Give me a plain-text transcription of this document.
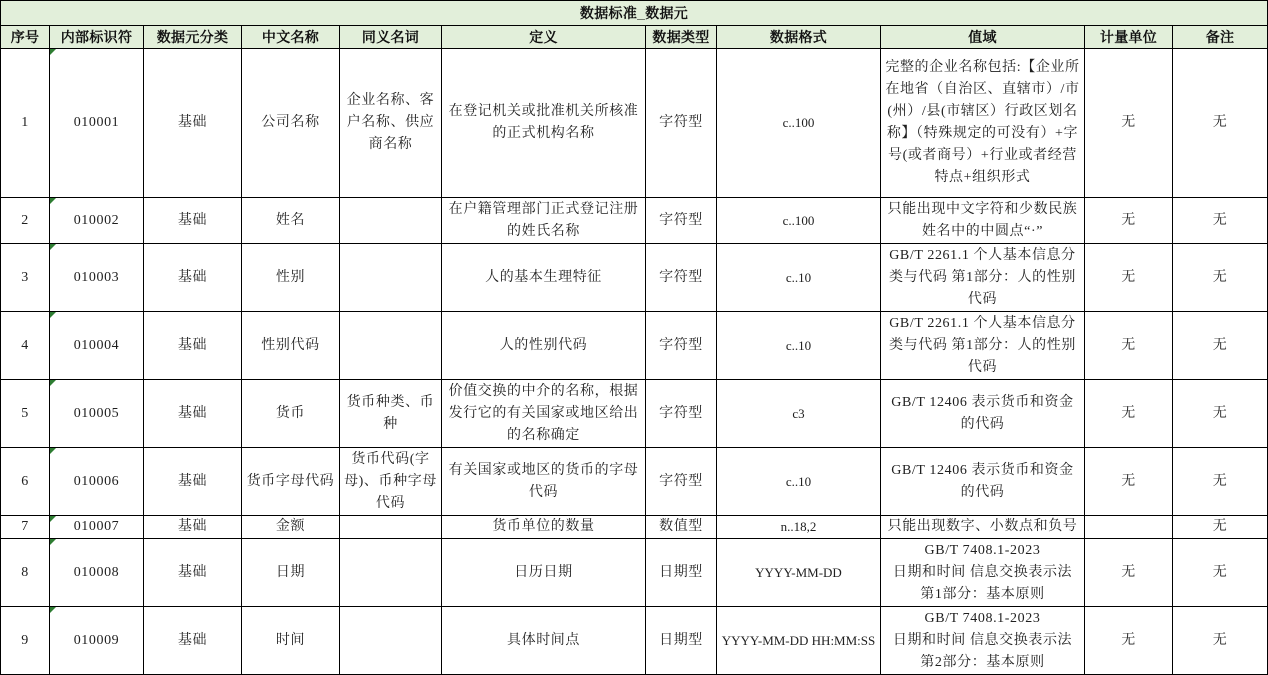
数据标准_数据元										
序号	内部标识符	数据元分类	中文名称	同义名词	定义	数据类型	数据格式	值域	计量单位	备注
1	010001	基础	公司名称	企业名称、客户名称、供应商名称	在登记机关或批准机关所核准的正式机构名称	字符型	c..100	完整的企业名称包括:【企业所在地省（自治区、直辖市）/市(州）/县(市辖区）行政区划名称】（特殊规定的可没有）+字号(或者商号）+行业或者经营特点+组织形式	无	无
2	010002	基础	姓名		在户籍管理部门正式登记注册的姓氏名称	字符型	c..100	只能出现中文字符和少数民族姓名中的中圆点“·”	无	无
3	010003	基础	性别		人的基本生理特征	字符型	c..10	GB/T 2261.1 个人基本信息分类与代码 第1部分：人的性别代码	无	无
4	010004	基础	性别代码		人的性别代码	字符型	c..10	GB/T 2261.1 个人基本信息分类与代码 第1部分：人的性别代码	无	无
5	010005	基础	货币	货币种类、币种	价值交换的中介的名称，根据发行它的有关国家或地区给出的名称确定	字符型	c3	GB/T 12406 表示货币和资金的代码	无	无
6	010006	基础	货币字母代码	货币代码(字母)、币种字母代码	有关国家或地区的货币的字母代码	字符型	c..10	GB/T 12406 表示货币和资金的代码	无	无
7	010007	基础	金额		货币单位的数量	数值型	n..18,2	只能出现数字、小数点和负号		无
8	010008	基础	日期		日历日期	日期型	YYYY-MM-DD	GB/T 7408.1-2023
日期和时间 信息交换表示法
第1部分：基本原则	无	无
9	010009	基础	时间		具体时间点	日期型	YYYY-MM-DD HH:MM:SS	GB/T 7408.1-2023
日期和时间 信息交换表示法
第2部分：基本原则	无	无
